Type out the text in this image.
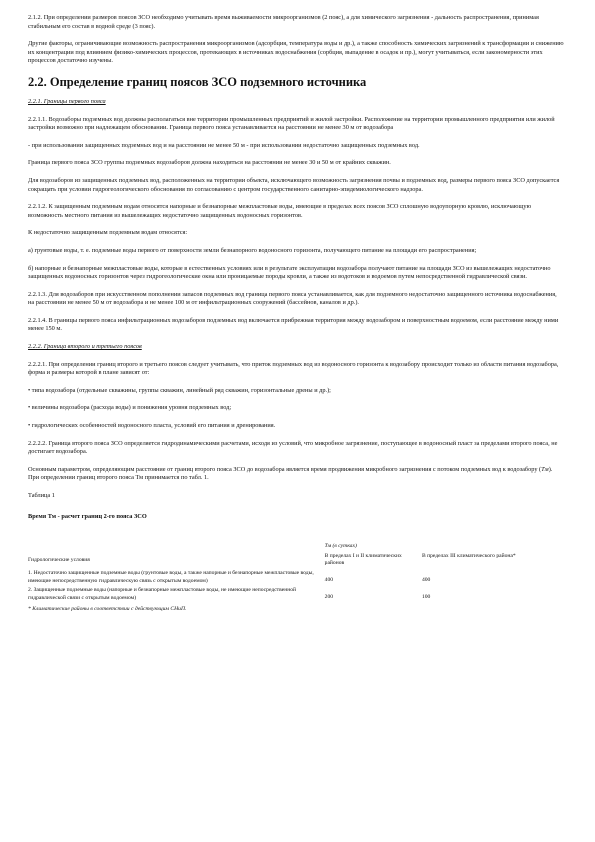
2.1.2. При определении размеров поясов ЗСО необходимо учитывать время выживаемости микроорганизмов (2 пояс), а для химического загрязнения - дальность распространения, принимая стабильным его состав в водной среде (3 пояс).

Другие факторы, ограничивающие возможность распространения микроорганизмов (адсорбция, температура воды и др.), а также способность химических загрязнений к трансформации и снижению их концентрации под влиянием физико-химических процессов, протекающих в источниках водоснабжения (сорбция, выпадение в осадок и пр.), могут учитываться, если закономерности этих процессов достаточно изучены.

2.2. Определение границ поясов ЗСО подземного источника
2.2.1. Границы первого пояса

2.2.1.1. Водозаборы подземных вод должны располагаться вне территории промышленных предприятий и жилой застройки. Расположение на территории промышленного предприятия или жилой застройки возможно при надлежащем обосновании. Граница первого пояса устанавливается на расстоянии не менее 30 м от водозабора

- при использовании защищенных подземных вод и на расстоянии не менее 50 м - при использовании недостаточно защищенных подземных вод.

Граница первого пояса ЗСО группы подземных водозаборов должна находиться на расстоянии не менее 30 и 50 м от крайних скважин.

Для водозаборов из защищенных подземных вод, расположенных на территории объекта, исключающего возможность загрязнения почвы и подземных вод, размеры первого пояса ЗСО допускается сокращать при условии гидрогеологического обоснования по согласованию с центром государственного санитарно-эпидемиологического надзора.

2.2.1.2. К защищенным подземным водам относятся напорные и безнапорные межпластовые воды, имеющие в пределах всех поясов ЗСО сплошную водоупорную кровлю, исключающую возможность местного питания из вышележащих недостаточно защищенных водоносных горизонтов.

К недостаточно защищенным подземным водам относятся:

а) грунтовые воды, т. е. подземные воды первого от поверхности земли безнапорного водоносного горизонта, получающего питание на площади его распространения;

б) напорные и безнапорные межпластовые воды, которые в естественных условиях или в результате эксплуатации водозабора получают питание на площади ЗСО из вышележащих недостаточно защищенных водоносных горизонтов через гидрогеологические окна или проницаемые породы кровли, а также из водотоков и водоемов путем непосредственной гидравлической связи.

2.2.1.3. Для водозаборов при искусственном пополнении запасов подземных вод граница первого пояса устанавливается, как для подземного недостаточно защищенного источника водоснабжения, на расстоянии не менее 50 м от водозабора и не менее 100 м от инфильтрационных сооружений (бассейнов, каналов и др.).

2.2.1.4. В границы первого пояса инфильтрационных водозаборов подземных вод включается прибрежная территория между водозабором и поверхностным водоемом, если расстояние между ними менее 150 м.

2.2.2. Граница второго и третьего поясов

2.2.2.1. При определении границ второго и третьего поясов следует учитывать, что приток подземных вод из водоносного горизонта к водозабору происходит только из области питания водозабора, форма и размеры которой в плане зависят от:

• типа водозабора (отдельные скважины, группы скважин, линейный ряд скважин, горизонтальные дрены и др.);

• величины водозабора (расхода воды) и понижения уровня подземных вод;

• гидрологических особенностей водоносного пласта, условий его питания и дренирования.

2.2.2.2. Граница второго пояса ЗСО определяется гидродинамическими расчетами, исходя из условий, что микробное загрязнение, поступающее в водоносный пласт за пределами второго пояса, не достигает водозабора.

Основным параметром, определяющим расстояние от границ второго пояса ЗСО до водозабора является время продвижения микробного загрязнения с потоком подземных вод к водозабору (Tм). При определении границ второго пояса Тм принимается по табл. 1.

Таблица 1

Время Тм - расчет границ 2-го пояса ЗСО

	Тм (в сутках)	
Гидрологические условия	В пределах I и II климатических районов	В пределах III климатического района*
1. Недостаточно защищенные подземные воды (грунтовые воды, а также напорные и безнапорные межпластовые воды, имеющие непосредственную гидравлическую связь с открытым водоемом)	400	400
2. Защищенные подземные воды (напорные и безнапорные межпластовые воды, не имеющие непосредственной гидравлической связи с открытым водоемом)	200	100
* Климатические районы в соответствии с действующим СНиП.
